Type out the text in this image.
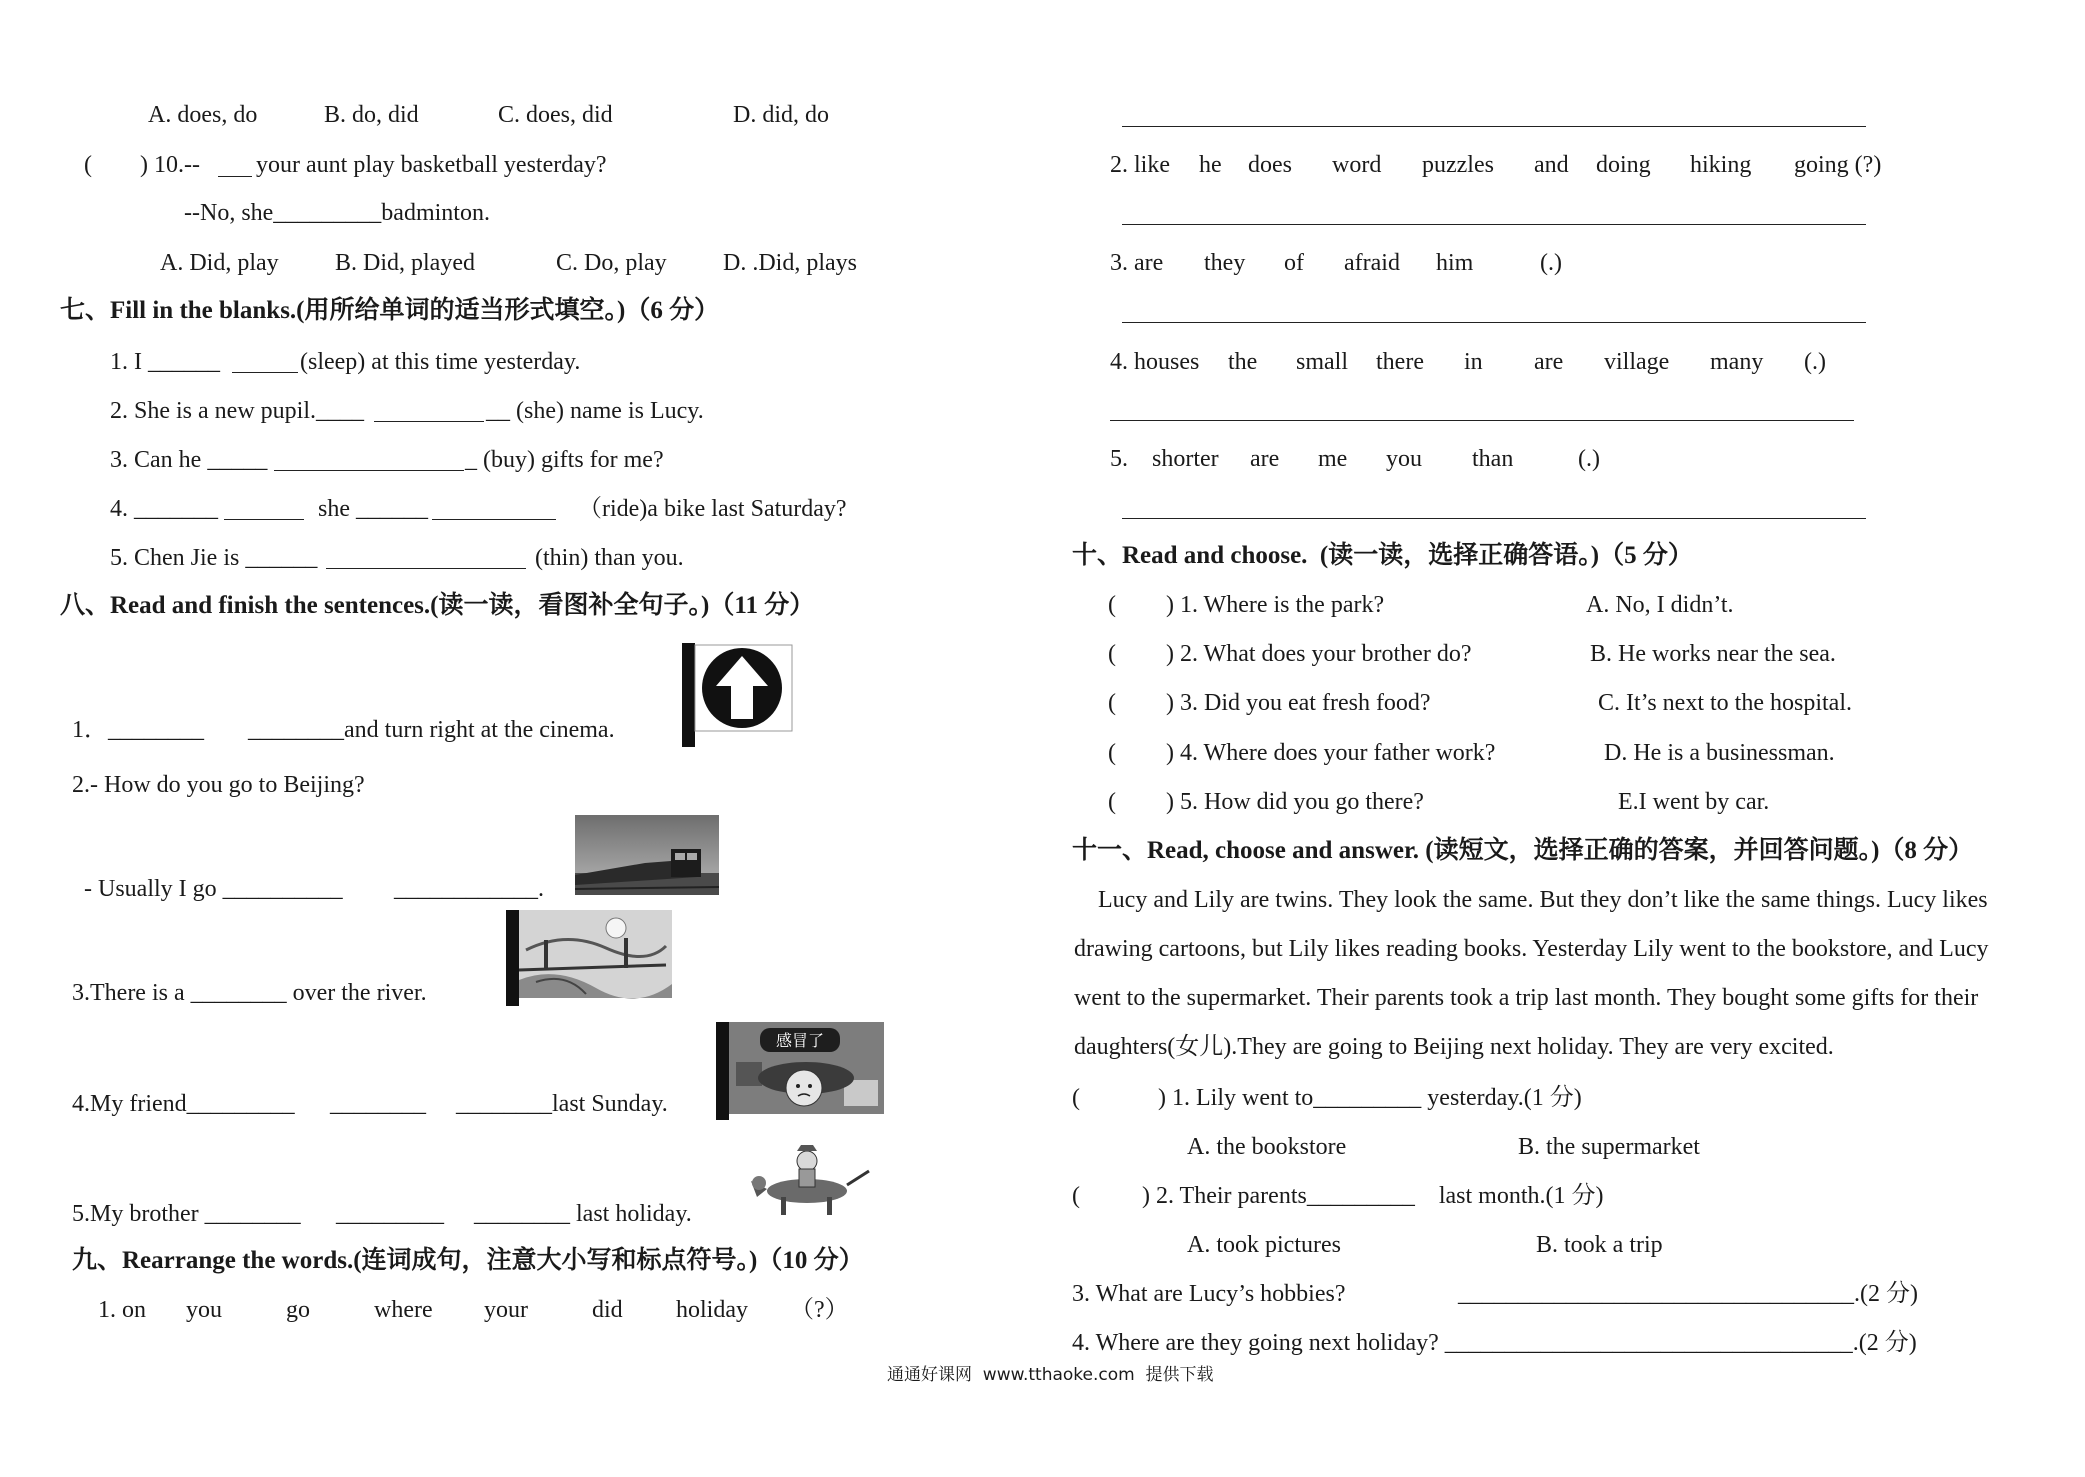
A. does, do	B. do, did	C. does, did	D. did, do
(        ) 10.-- your aunt play basketball yesterday?
--No, she_________badminton.
A. Did, play B. Did, played	C. Do, play D. .Did, plays
七、Fill in the blanks.(用所给单词的适当形式填空。)（6 分）
1. I ______	(sleep) at this time yesterday.
2. She is a new pupil.____	__ (she) name is Lucy.
3. Can he _____	_ (buy) gifts for me?
4. _______	she ______	（ride)a bike last Saturday?
5. Chen Jie is ______	(thin) than you.
八、Read and finish the sentences.(读一读，看图补全句子。)（11 分）
1．________ ________and turn right at the cinema.
2.- How do you go to Beijing?
- Usually I go __________ ____________.
3.There is a ________ over the river.
感冒了
4.My friend_________ ________ ________last Sunday.
5.My brother ________ _________ ________ last holiday.
九、Rearrange the words.(连词成句，注意大小写和标点符号。)（10 分）
1. on you	go	where your	did holiday （?）
2. like he does word puzzles and doing hiking going (?)
3. are they of afraid him	(.)
4. houses the small there in are village many (.)
5. shorter are me you than	(.)
十、Read and choose.  (读一读，选择正确答语。)（5 分）
( ) 1. Where is the park?	A. No, I didn’t.
( ) 2. What does your brother do?	B. He works near the sea.
( ) 3. Did you eat fresh food?	C. It’s next to the hospital.
( ) 4. Where does your father work?	D. He is a businessman.
( ) 5. How did you go there?	E.I went by car.
十一、Read, choose and answer. (读短文，选择正确的答案，并回答问题。)（8 分）
Lucy and Lily are twins. They look the same. But they don’t like the same things. Lucy likes
drawing cartoons, but Lily likes reading books. Yesterday Lily went to the bookstore, and Lucy
went to the supermarket. Their parents took a trip last month. They bought some gifts for their
daughters(女儿).They are going to Beijing next holiday. They are very excited.
(	) 1. Lily went to_________ yesterday.(1 分)
A. the bookstore	B. the supermarket
(	) 2. Their parents_________    last month.(1 分)
A. took pictures	B. took a trip
3. What are Lucy’s hobbies?	_________________________________.(2 分)
4. Where are they going next holiday? __________________________________.(2 分)
通通好课网  www.tthaoke.com  提供下载
